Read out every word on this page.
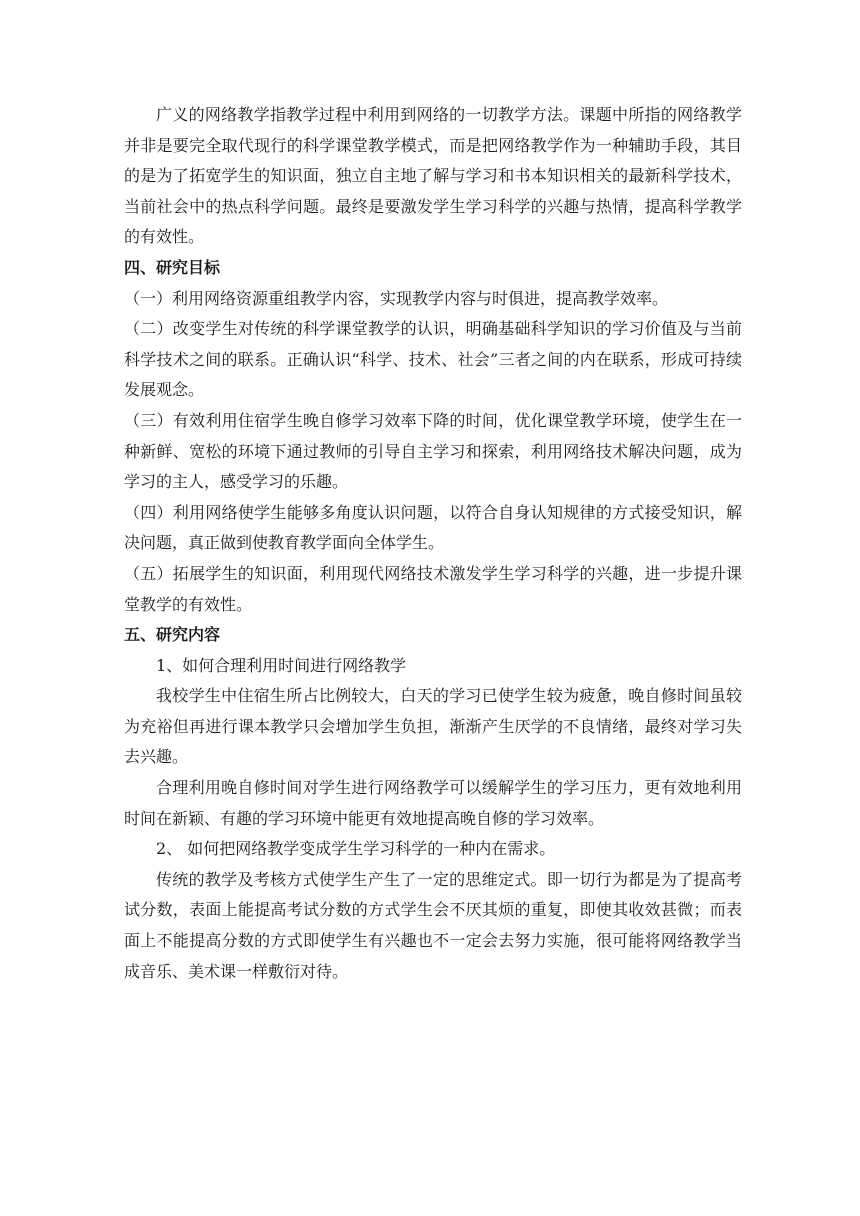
广义的网络教学指教学过程中利用到网络的一切教学方法。课题中所指的网络教学并非是要完全取代现行的科学课堂教学模式，而是把网络教学作为一种辅助手段，其目的是为了拓宽学生的知识面，独立自主地了解与学习和书本知识相关的最新科学技术，当前社会中的热点科学问题。最终是要激发学生学习科学的兴趣与热情，提高科学教学的有效性。

四、研究目标

（一）利用网络资源重组教学内容，实现教学内容与时俱进，提高教学效率。

（二）改变学生对传统的科学课堂教学的认识，明确基础科学知识的学习价值及与当前科学技术之间的联系。正确认识“科学、技术、社会”三者之间的内在联系，形成可持续发展观念。

（三）有效利用住宿学生晚自修学习效率下降的时间，优化课堂教学环境，使学生在一种新鲜、宽松的环境下通过教师的引导自主学习和探索，利用网络技术解决问题，成为学习的主人，感受学习的乐趣。

（四）利用网络使学生能够多角度认识问题，以符合自身认知规律的方式接受知识，解决问题，真正做到使教育教学面向全体学生。

（五）拓展学生的知识面，利用现代网络技术激发学生学习科学的兴趣，进一步提升课堂教学的有效性。

五、研究内容

1、如何合理利用时间进行网络教学

我校学生中住宿生所占比例较大，白天的学习已使学生较为疲惫，晚自修时间虽较为充裕但再进行课本教学只会增加学生负担，渐渐产生厌学的不良情绪，最终对学习失去兴趣。

合理利用晚自修时间对学生进行网络教学可以缓解学生的学习压力，更有效地利用时间在新颖、有趣的学习环境中能更有效地提高晚自修的学习效率。

2、 如何把网络教学变成学生学习科学的一种内在需求。

传统的教学及考核方式使学生产生了一定的思维定式。即一切行为都是为了提高考试分数，表面上能提高考试分数的方式学生会不厌其烦的重复，即使其收效甚微；而表面上不能提高分数的方式即使学生有兴趣也不一定会去努力实施，很可能将网络教学当成音乐、美术课一样敷衍对待。
